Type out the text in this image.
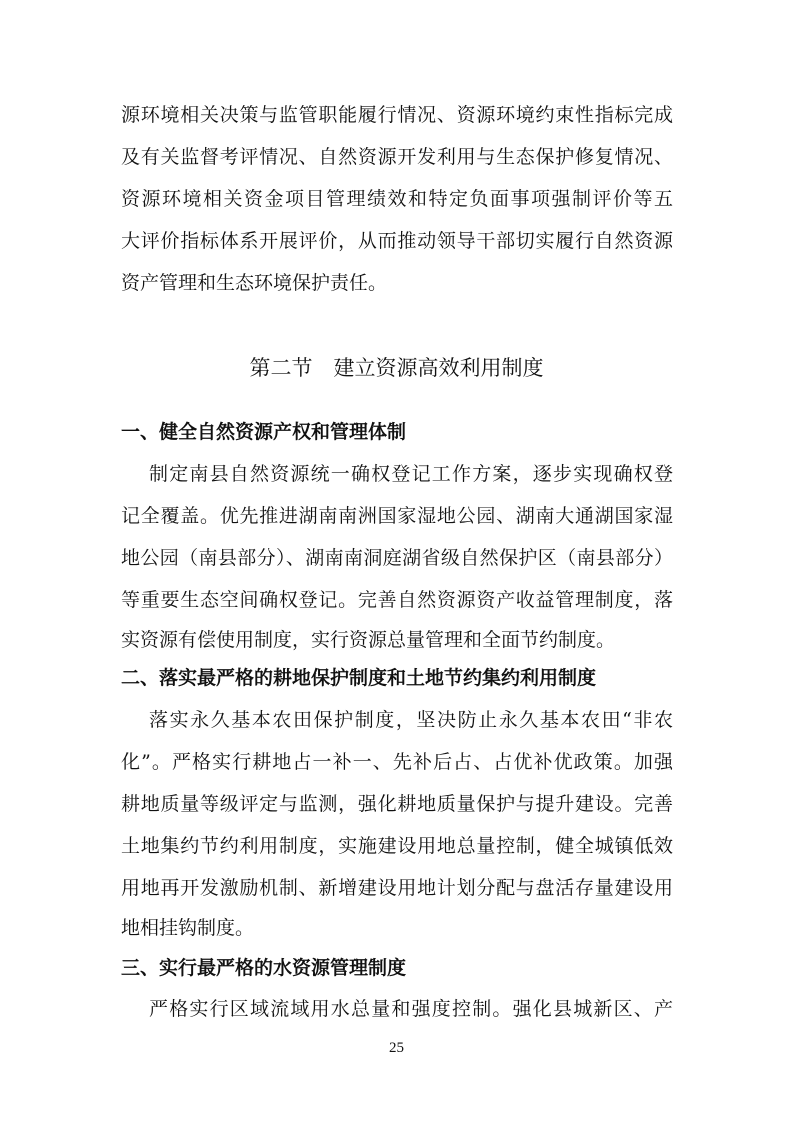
源环境相关决策与监管职能履行情况、资源环境约束性指标完成
及有关监督考评情况、自然资源开发利用与生态保护修复情况、
资源环境相关资金项目管理绩效和特定负面事项强制评价等五
大评价指标体系开展评价，从而推动领导干部切实履行自然资源
资产管理和生态环境保护责任。
第二节　建立资源高效利用制度
一、健全自然资源产权和管理体制
制定南县自然资源统一确权登记工作方案，逐步实现确权登
记全覆盖。优先推进湖南南洲国家湿地公园、湖南大通湖国家湿
地公园（南县部分）、湖南南洞庭湖省级自然保护区（南县部分）
等重要生态空间确权登记。完善自然资源资产收益管理制度，落
实资源有偿使用制度，实行资源总量管理和全面节约制度。
二、落实最严格的耕地保护制度和土地节约集约利用制度
落实永久基本农田保护制度，坚决防止永久基本农田“非农
化”。严格实行耕地占一补一、先补后占、占优补优政策。加强
耕地质量等级评定与监测，强化耕地质量保护与提升建设。完善
土地集约节约利用制度，实施建设用地总量控制，健全城镇低效
用地再开发激励机制、新增建设用地计划分配与盘活存量建设用
地相挂钩制度。
三、实行最严格的水资源管理制度
严格实行区域流域用水总量和强度控制。强化县城新区、产
25
